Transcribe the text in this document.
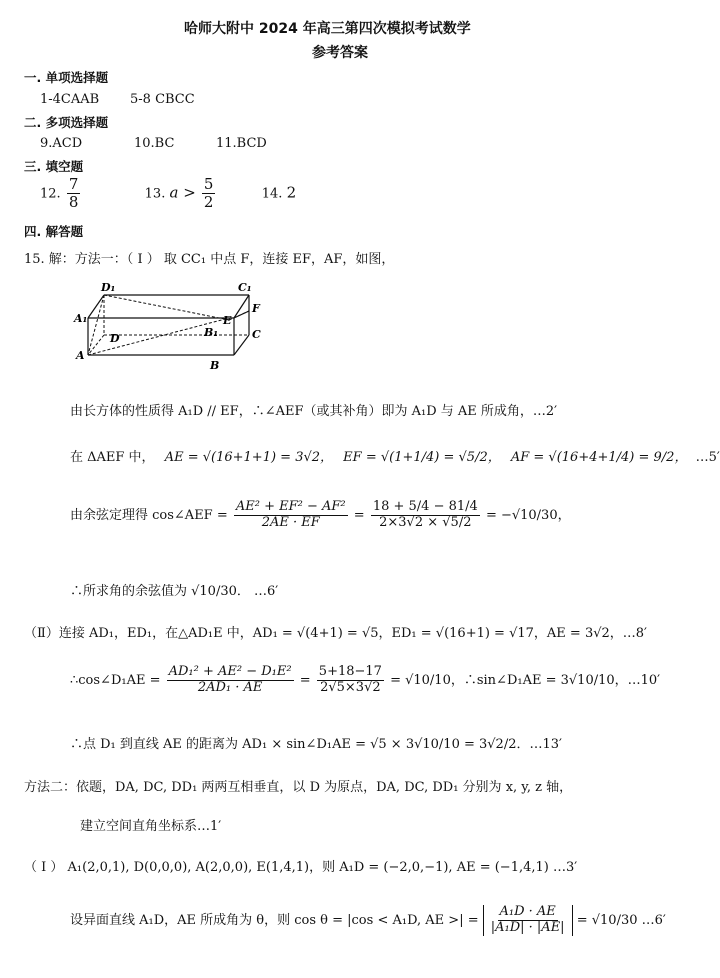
哈师大附中 2024 年高三第四次模拟考试数学
参考答案
一. 单项选择题
1-4CAAB 5-8 CBCC
二. 多项选择题
9.ACD	10.BC	11.BCD
三. 填空题
12. $\frac{7}{8}$	13. $a > \frac{5}{2}$	14. 2
四. 解答题
15. 解：方法一：（ I ） 取 CC₁ 中点 F，连接 EF，AF，如图，
D₁	C₁
A₁
F
E
B₁	C
D
A
B
由长方体的性质得 A₁D // EF，∴∠AEF（或其补角）即为 A₁D 与 AE 所成角，…2′
在 ΔAEF 中， AE = √(16+1+1) = 3√2， EF = √(1+1/4) = √5/2， AF = √(16+4+1/4) = 9/2， …5′
由余弦定理得 cos∠AEF = $\frac{\text{AE² + EF² − AF²}}{2AE \cdot EF} = \frac{18 + 5/4 - 81/4}{2\times 3√2 \times √5/2} = -√10/30$，
∴所求角的余弦值为 √10/30． …6′
（Ⅱ）连接 AD₁，ED₁，在△AD₁E 中，AD₁ = √(4+1) = √5，ED₁ = √(16+1) = √17，AE = 3√2，…8′
∴cos∠D₁AE = $\frac{\text{AD₁² + AE² − D₁E²}}{\text{2AD₁ · AE}} = \frac{5+18-17}{2√5\times 3√2} = √10/10$，∴sin∠D₁AE = 3√10/10，…10′
∴点 D₁ 到直线 AE 的距离为 AD₁ × sin∠D₁AE = √5 × 3√10/10 = 3√2/2．…13′
方法二：依题，DA, DC, DD₁ 两两互相垂直，以 D 为原点，DA, DC, DD₁ 分别为 x, y, z 轴，
建立空间直角坐标系…1′
（ I ） A₁(2,0,1), D(0,0,0), A(2,0,0), E(1,4,1)，则 A₁D = (−2,0,−1), AE = (−1,4,1) …3′
设异面直线 A₁D，AE 所成角为 θ，则 cos θ = |cos < A₁D, AE >| = $\frac{\text{A₁D · AE}}{\text{|A₁D| · |AE|}} = √10/30$ …6′
